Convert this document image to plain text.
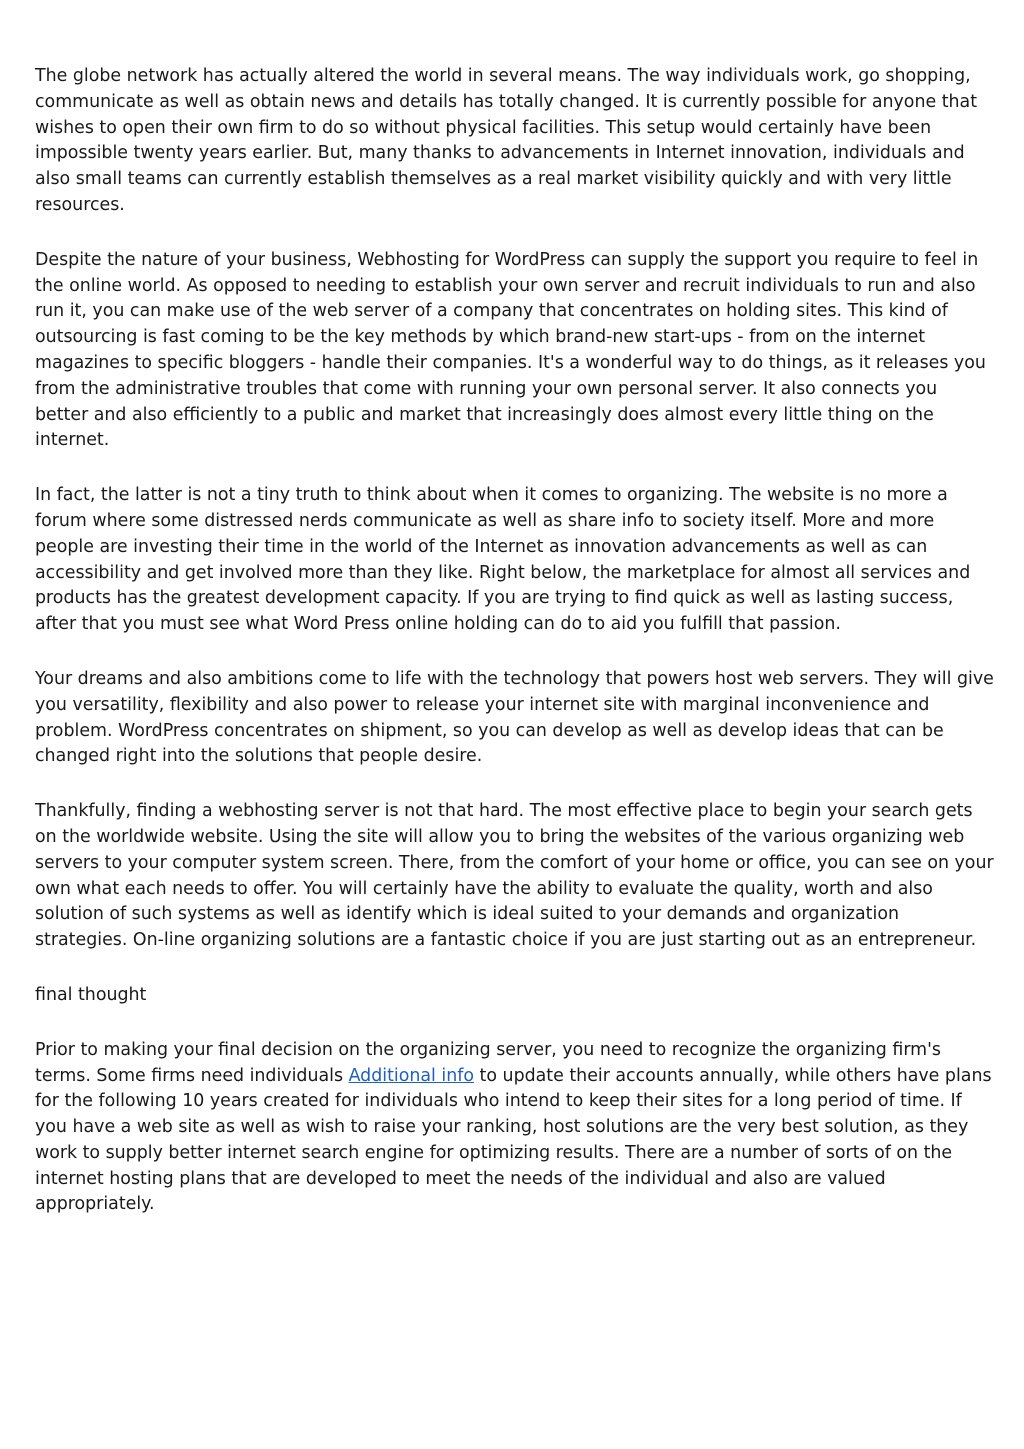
The globe network has actually altered the world in several means. The way individuals work, go shopping, communicate as well as obtain news and details has totally changed. It is currently possible for anyone that wishes to open their own firm to do so without physical facilities. This setup would certainly have been impossible twenty years earlier. But, many thanks to advancements in Internet innovation, individuals and also small teams can currently establish themselves as a real market visibility quickly and with very little resources.

Despite the nature of your business, Webhosting for WordPress can supply the support you require to feel in the online world. As opposed to needing to establish your own server and recruit individuals to run and also run it, you can make use of the web server of a company that concentrates on holding sites. This kind of outsourcing is fast coming to be the key methods by which brand-new start-ups - from on the internet magazines to specific bloggers - handle their companies. It's a wonderful way to do things, as it releases you from the administrative troubles that come with running your own personal server. It also connects you better and also efficiently to a public and market that increasingly does almost every little thing on the internet.

In fact, the latter is not a tiny truth to think about when it comes to organizing. The website is no more a forum where some distressed nerds communicate as well as share info to society itself. More and more people are investing their time in the world of the Internet as innovation advancements as well as can accessibility and get involved more than they like. Right below, the marketplace for almost all services and products has the greatest development capacity. If you are trying to find quick as well as lasting success, after that you must see what Word Press online holding can do to aid you fulfill that passion.

Your dreams and also ambitions come to life with the technology that powers host web servers. They will give you versatility, flexibility and also power to release your internet site with marginal inconvenience and problem. WordPress concentrates on shipment, so you can develop as well as develop ideas that can be changed right into the solutions that people desire.

Thankfully, finding a webhosting server is not that hard. The most effective place to begin your search gets on the worldwide website. Using the site will allow you to bring the websites of the various organizing web servers to your computer system screen. There, from the comfort of your home or office, you can see on your own what each needs to offer. You will certainly have the ability to evaluate the quality, worth and also solution of such systems as well as identify which is ideal suited to your demands and organization strategies. On-line organizing solutions are a fantastic choice if you are just starting out as an entrepreneur.

final thought

Prior to making your final decision on the organizing server, you need to recognize the organizing firm's terms. Some firms need individuals Additional info to update their accounts annually, while others have plans for the following 10 years created for individuals who intend to keep their sites for a long period of time. If you have a web site as well as wish to raise your ranking, host solutions are the very best solution, as they work to supply better internet search engine for optimizing results. There are a number of sorts of on the internet hosting plans that are developed to meet the needs of the individual and also are valued appropriately.
